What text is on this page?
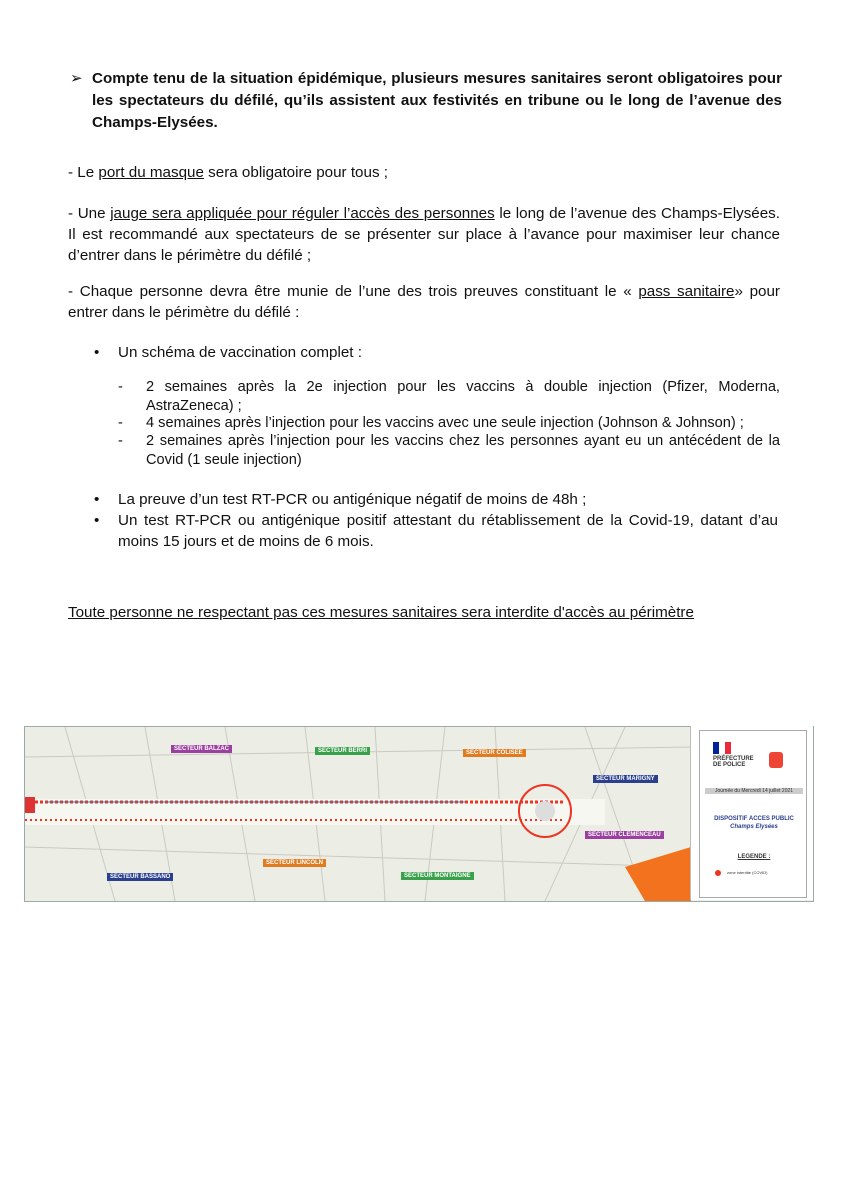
➢ Compte tenu de la situation épidémique, plusieurs mesures sanitaires seront obligatoires pour les spectateurs du défilé, qu’ils assistent aux festivités en tribune ou le long de l’avenue des Champs-Elysées.
- Le port du masque sera obligatoire pour tous ;
- Une jauge sera appliquée pour réguler l’accès des personnes le long de l’avenue des Champs-Elysées. Il est recommandé aux spectateurs de se présenter sur place à l’avance pour maximiser leur chance d’entrer dans le périmètre du défilé ;
- Chaque personne devra être munie de l’une des trois preuves constituant le « pass sanitaire» pour entrer dans le périmètre du défilé :
• Un schéma de vaccination complet :
- 2 semaines après la 2e injection pour les vaccins à double injection (Pfizer, Moderna, AstraZeneca) ;
- 4 semaines après l’injection pour les vaccins avec une seule injection (Johnson & Johnson) ;
- 2 semaines après l’injection pour les vaccins chez les personnes ayant eu un antécédent de la Covid (1 seule injection)
• La preuve d’un test RT-PCR ou antigénique négatif de moins de 48h ;
• Un test RT-PCR ou antigénique positif attestant du rétablissement de la Covid-19, datant d’au moins 15 jours et de moins de 6 mois.
Toute personne ne respectant pas ces mesures sanitaires sera interdite d'accès au périmètre
SECTEUR BALZAC	SECTEUR BERRI	SECTEUR COLISEE
SECTEUR MARIGNY
SECTEUR CLEMENCEAU
SECTEUR BASSANO
SECTEUR LINCOLN
SECTEUR MONTAIGNE
PRÉFECTURE DE POLICE
Journée du Mercredi 14 juillet 2021
DISPOSITIF ACCES PUBLIC
Champs Elysées
LEGENDE :
zone interdite (COVID)
